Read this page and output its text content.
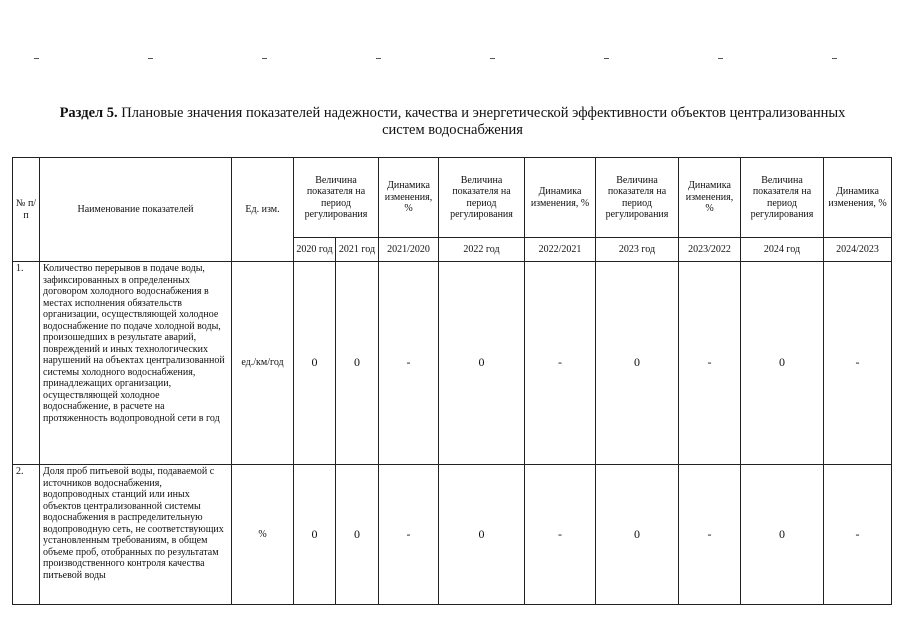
Раздел 5. Плановые значения показателей надежности, качества и энергетической эффективности объектов централизованных
систем водоснабжения
№ п/п	Наименование показателей	Ед. изм.	Величина показателя на период регулирования		Динамика изменения, %	Величина показателя на период регулирования	Динамика изменения, %	Величина показателя на период регулирования	Динамика изменения, %	Величина показателя на период регулирования	Динамика изменения, %
			2020 год	2021 год	2021/2020	2022 год	2022/2021	2023 год	2023/2022	2024 год	2024/2023
1.	Количество перерывов в подаче воды, зафиксированных в определенных договором холодного водоснабжения в местах исполнения обязательств организации, осуществляющей холодное водоснабжение по подаче холодной воды, произошедших в результате аварий, повреждений и иных технологических нарушений на объектах централизованной системы холодного водоснабжения, принадлежащих организации, осуществляющей холодное водоснабжение, в расчете на протяженность водопроводной сети в год	ед./км/год	0	0	-	0	-	0	-	0	-
2.	Доля проб питьевой воды, подаваемой с источников водоснабжения, водопроводных станций или иных объектов централизованной системы водоснабжения в распределительную водопроводную сеть, не соответствующих установленным требованиям, в общем объеме проб, отобранных по результатам производственного контроля качества питьевой воды	%	0	0	-	0	-	0	-	0	-
